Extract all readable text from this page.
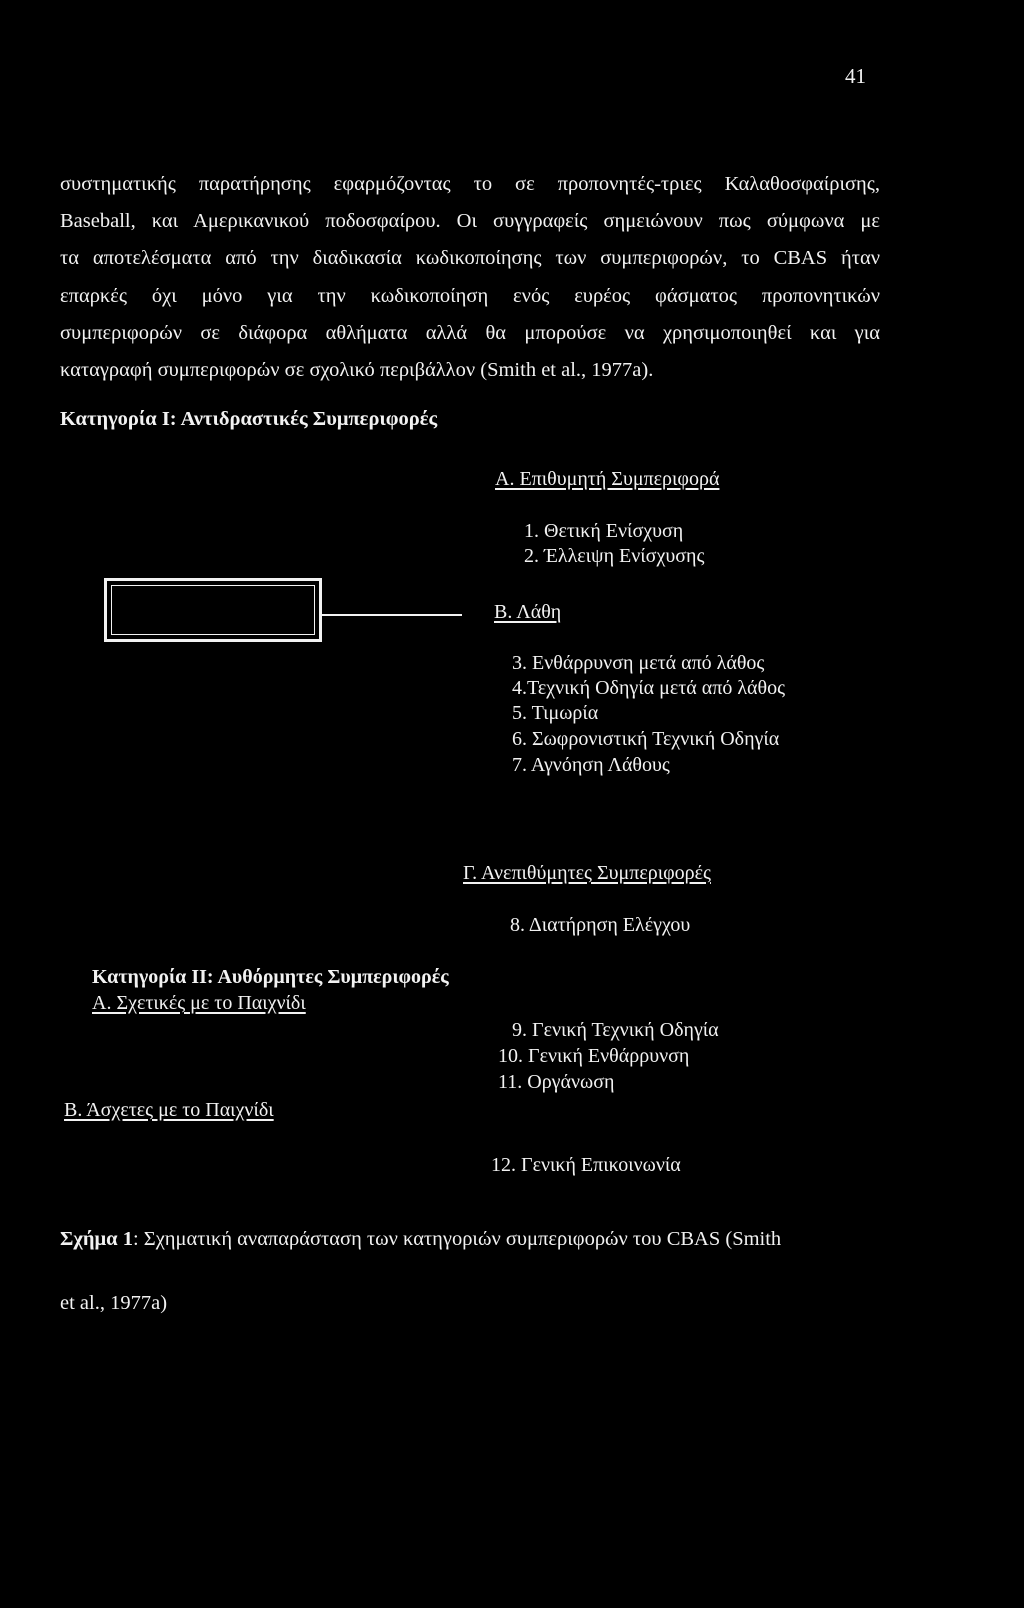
41
συστηματικής παρατήρησης εφαρμόζοντας το σε προπονητές-τριες Καλαθοσφαίρισης,
Baseball, και Αμερικανικού ποδοσφαίρου. Οι συγγραφείς σημειώνουν πως σύμφωνα με
τα αποτελέσματα από την διαδικασία κωδικοποίησης των συμπεριφορών, το CBAS ήταν
επαρκές όχι μόνο για την κωδικοποίηση ενός ευρέος φάσματος προπονητικών
συμπεριφορών σε διάφορα αθλήματα αλλά θα μπορούσε να χρησιμοποιηθεί και για
καταγραφή συμπεριφορών σε σχολικό περιβάλλον (Smith et al., 1977a).
Κατηγορία Ι: Αντιδραστικές Συμπεριφορές
Α. Επιθυμητή Συμπεριφορά
1. Θετική Ενίσχυση
2. Έλλειψη Ενίσχυσης
Β. Λάθη
3. Ενθάρρυνση μετά από λάθος
4.Τεχνική Οδηγία μετά από λάθος
5. Τιμωρία
6. Σωφρονιστική Τεχνική Οδηγία
7. Αγνόηση Λάθους
Γ. Ανεπιθύμητες Συμπεριφορές
8. Διατήρηση Ελέγχου
Κατηγορία ΙΙ: Αυθόρμητες Συμπεριφορές
Α. Σχετικές με το Παιχνίδι
9. Γενική Τεχνική Οδηγία
10. Γενική Ενθάρρυνση
11. Οργάνωση
Β. Άσχετες με το Παιχνίδι
12. Γενική Επικοινωνία
Σχήμα 1: Σχηματική αναπαράσταση των κατηγοριών συμπεριφορών του CBAS (Smith
et al., 1977a)
